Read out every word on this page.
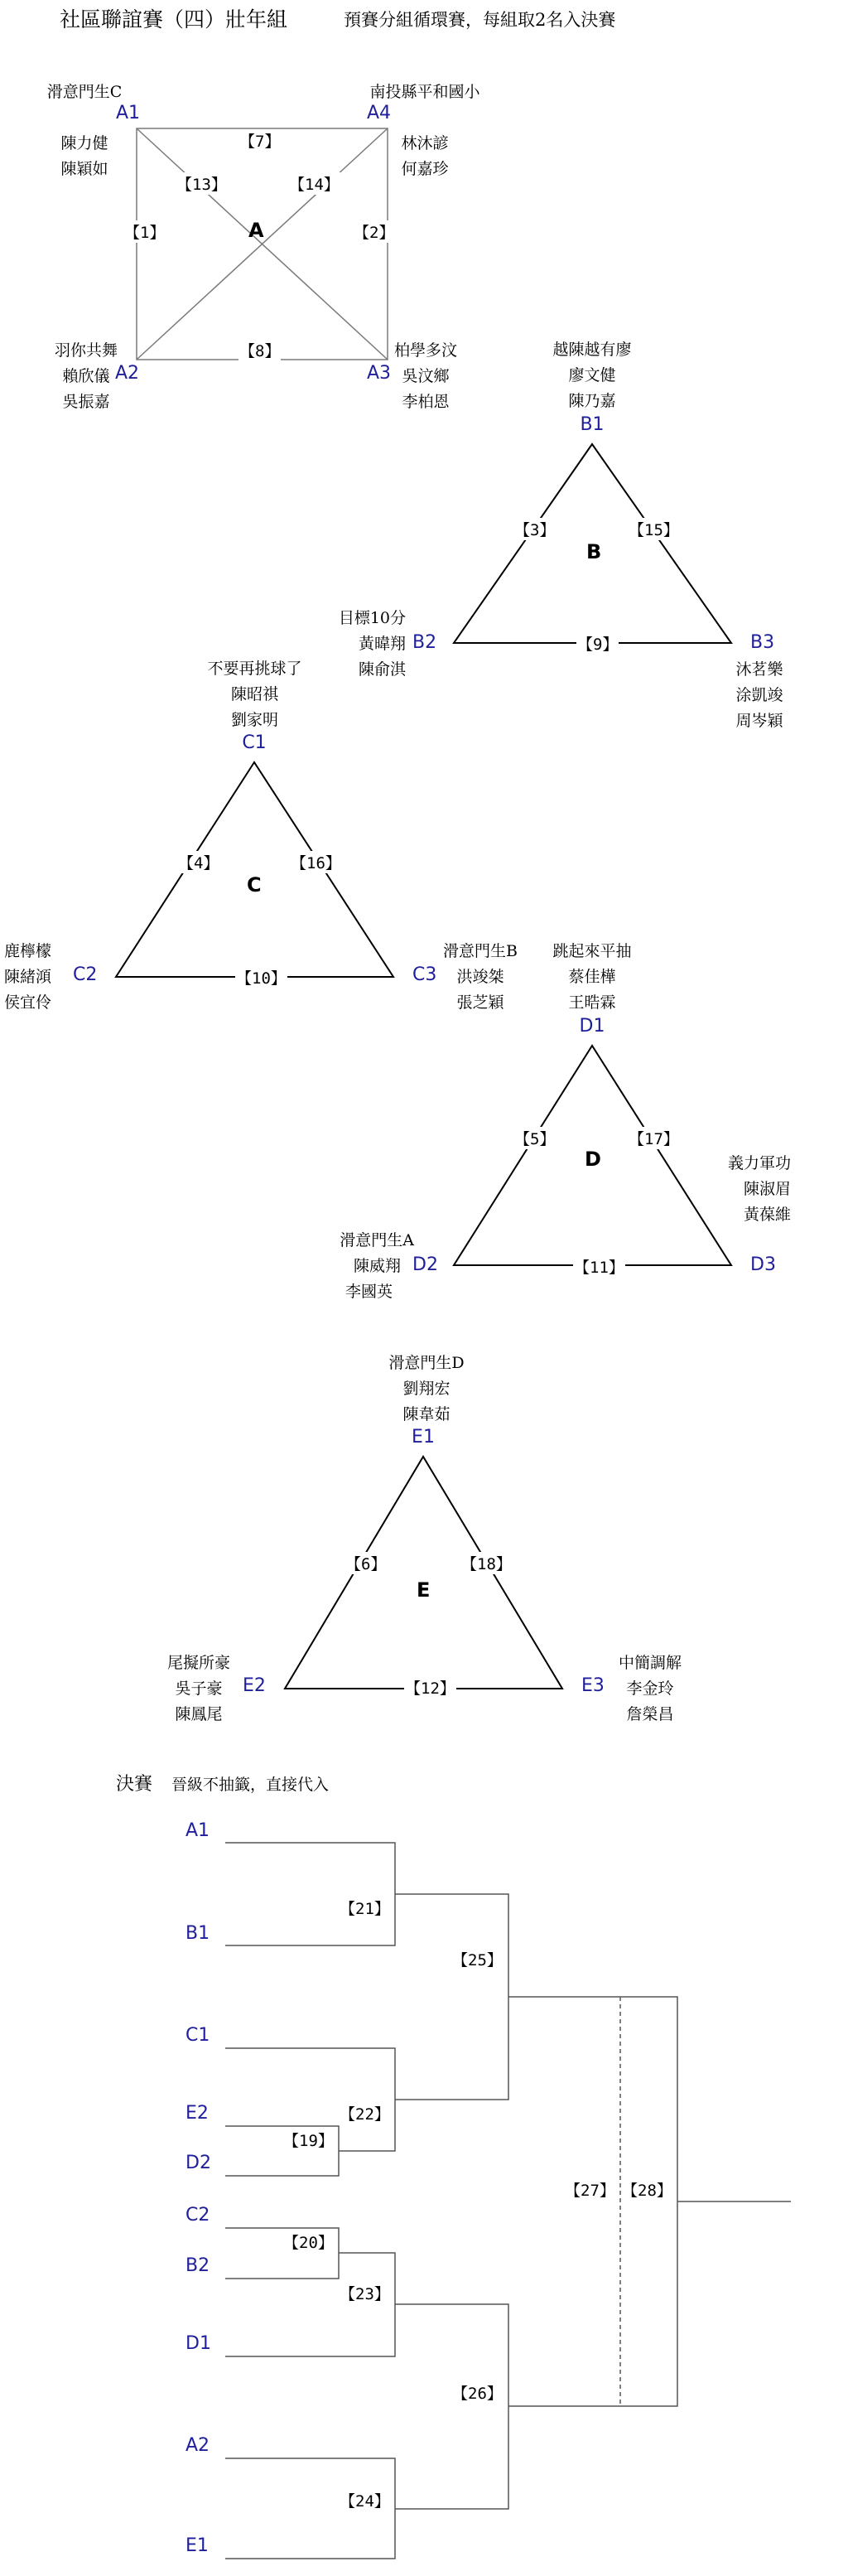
社區聯誼賽（四）壯年組	預賽分組循環賽，每組取2名入決賽
A
滑意門生C
陳力健
陳穎如
A1
南投縣平和國小
林沐諺
何嘉珍
A4
羽你共舞
賴欣儀
吳振嘉
A2
柏學多汶
吳汶鄉
李柏恩
A3
【7】
【13】	【14】
【1】	【2】
【8】
B
越陳越有廖
廖文健
陳乃嘉
B1
目標10分
黃暐翔
陳俞淇
B2	B3
沐茗樂
涂凱竣
周岑穎
【3】	【15】
【9】
C
不要再挑球了
陳昭祺
劉家明
C1
鹿檸檬
陳緒澒
侯宜伶
C2	C3
滑意門生B
洪竣桀
張芝穎
【4】	【16】
【10】
D
跳起來平抽
蔡佳樺
王晧霖
D1
滑意門生A
陳威翔
李國英
D2
義力軍功
陳淑眉
黃葆維
D3
【5】	【17】
【11】
E
滑意門生D
劉翔宏
陳韋茹
E1
尾擬所豪
吳子豪
陳鳳尾
E2	E3
中簡調解
李金玲
詹榮昌
【6】	【18】
【12】
決賽 晉級不抽籤，直接代入
A1
B1
C1
E2
D2
C2
B2
D1
A2
E1
【21】
【22】
【19】
【20】
【23】
【24】
【25】
【26】
【27】 【28】
